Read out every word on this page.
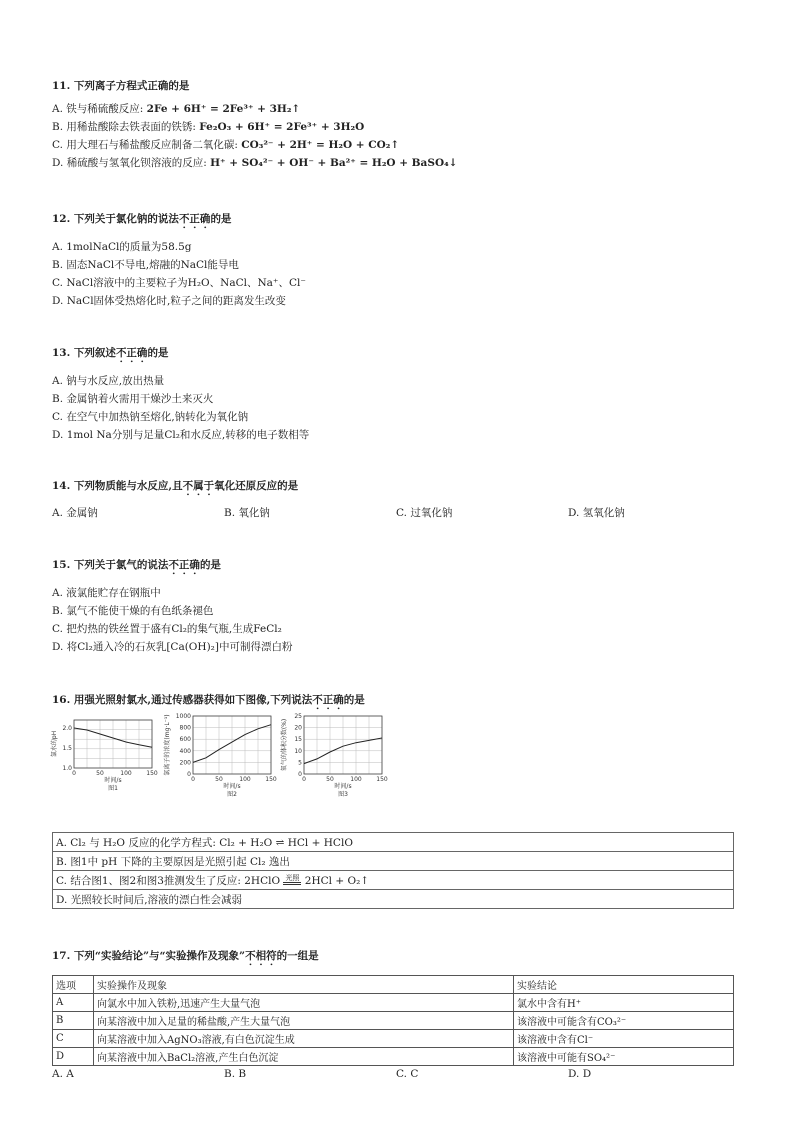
11. 下列离子方程式正确的是
A. 铁与稀硫酸反应: 2Fe + 6H⁺ = 2Fe³⁺ + 3H₂↑
B. 用稀盐酸除去铁表面的铁锈: Fe₂O₃ + 6H⁺ = 2Fe³⁺ + 3H₂O
C. 用大理石与稀盐酸反应制备二氧化碳: CO₃²⁻ + 2H⁺ = H₂O + CO₂↑
D. 稀硫酸与氢氧化钡溶液的反应: H⁺ + SO₄²⁻ + OH⁻ + Ba²⁺ = H₂O + BaSO₄↓
12. 下列关于氯化钠的说法不正确的是
A. 1molNaCl的质量为58.5g
B. 固态NaCl不导电,熔融的NaCl能导电
C. NaCl溶液中的主要粒子为H₂O、NaCl、Na⁺、Cl⁻
D. NaCl固体受热熔化时,粒子之间的距离发生改变
13. 下列叙述不正确的是
A. 钠与水反应,放出热量
B. 金属钠着火需用干燥沙土来灭火
C. 在空气中加热钠至熔化,钠转化为氧化钠
D. 1mol Na分别与足量Cl₂和水反应,转移的电子数相等
14. 下列物质能与水反应,且不属于氧化还原反应的是
A. 金属钠	B. 氧化钠	C. 过氧化钠	D. 氢氧化钠
15. 下列关于氯气的说法不正确的是
A. 液氯能贮存在钢瓶中
B. 氯气不能使干燥的有色纸条褪色
C. 把灼热的铁丝置于盛有Cl₂的集气瓶,生成FeCl₂
D. 将Cl₂通入冷的石灰乳[Ca(OH)₂]中可制得漂白粉
16. 用强光照射氯水,通过传感器获得如下图像,下列说法不正确的是
0	50	100 150
1.0
1.5
2.0
时间/s
图1
氯水的pH
0	50	100 150
0
200
400
600
800
1000
时间/s
图2
氯离子的浓度(mg·L⁻¹)
0	50	100 150
0
5
10
15
20
25
时间/s
图3
氧气的体积分数(%)
A. Cl₂ 与 H₂O 反应的化学方程式: Cl₂ + H₂O ⇌ HCl + HClO
B. 图1中 pH 下降的主要原因是光照引起 Cl₂ 逸出
C. 结合图1、图2和图3推测发生了反应: 2HClO 光照 2HCl + O₂↑
D. 光照较长时间后,溶液的漂白性会减弱
17. 下列“实验结论”与“实验操作及现象”不相符的一组是
选项	实验操作及现象	实验结论
A	向氯水中加入铁粉,迅速产生大量气泡	氯水中含有H⁺
B	向某溶液中加入足量的稀盐酸,产生大量气泡	该溶液中可能含有CO₃²⁻
C	向某溶液中加入AgNO₃溶液,有白色沉淀生成	该溶液中含有Cl⁻
D	向某溶液中加入BaCl₂溶液,产生白色沉淀	该溶液中可能有SO₄²⁻
A. A	B. B	C. C	D. D
